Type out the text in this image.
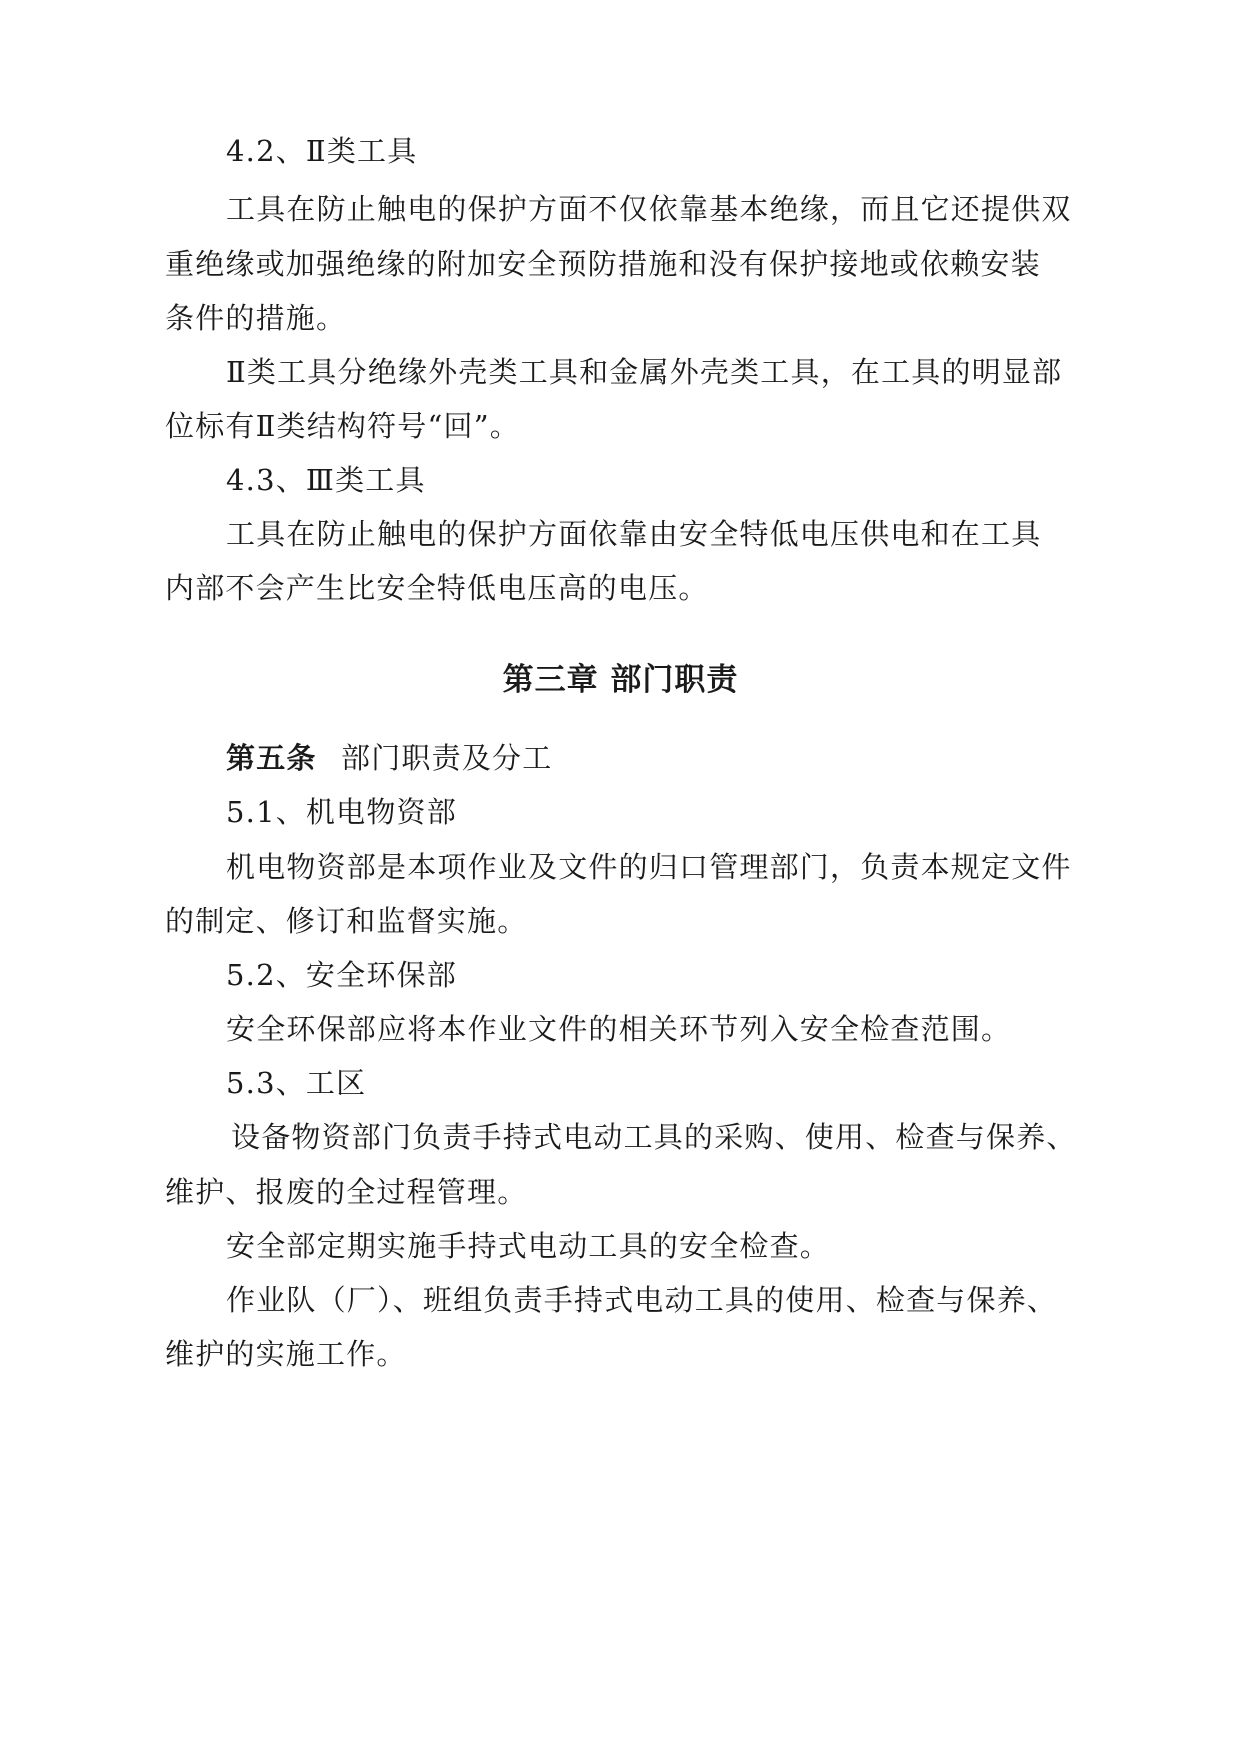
4.2、Ⅱ类工具
工具在防止触电的保护方面不仅依靠基本绝缘，而且它还提供双
重绝缘或加强绝缘的附加安全预防措施和没有保护接地或依赖安装
条件的措施。
Ⅱ类工具分绝缘外壳类工具和金属外壳类工具，在工具的明显部
位标有Ⅱ类结构符号“回”。
4.3、Ⅲ类工具
工具在防止触电的保护方面依靠由安全特低电压供电和在工具
内部不会产生比安全特低电压高的电压。
第三章 部门职责
第五条 部门职责及分工
5.1、机电物资部
机电物资部是本项作业及文件的归口管理部门，负责本规定文件
的制定、修订和监督实施。
5.2、安全环保部
安全环保部应将本作业文件的相关环节列入安全检查范围。
5.3、工区
设备物资部门负责手持式电动工具的采购、使用、检查与保养、
维护、报废的全过程管理。
安全部定期实施手持式电动工具的安全检查。
作业队（厂）、班组负责手持式电动工具的使用、检查与保养、
维护的实施工作。
